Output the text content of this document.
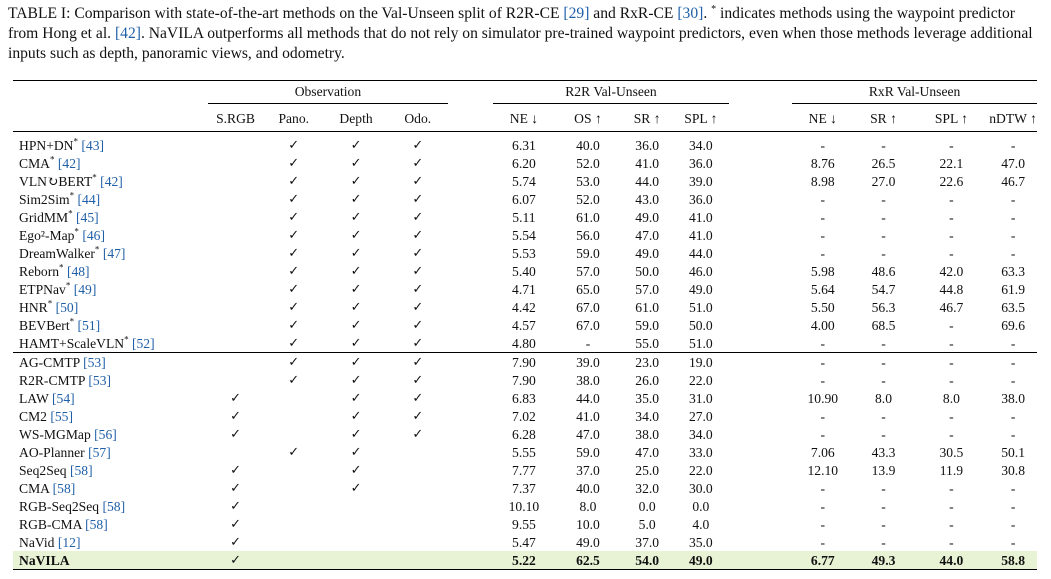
TABLE I: Comparison with state-of-the-art methods on the Val-Unseen split of R2R-CE [29] and RxR-CE [30]. * indicates methods using the waypoint predictor from Hong et al. [42]. NaVILA outperforms all methods that do not rely on simulator pre-trained waypoint predictors, even when those methods leverage additional inputs such as depth, panoramic views, and odometry.

	Observation					R2R Val-Unseen					RxR Val-Unseen			

	S.RGB	Pano.	Depth	Odo.		NE ↓	OS ↑	SR ↑	SPL ↑		NE ↓	SR ↑	SPL ↑	nDTW ↑
HPN+DN* [43]		✓	✓	✓		6.31	40.0	36.0	34.0		-	-	-	-
CMA* [42]		✓	✓	✓		6.20	52.0	41.0	36.0		8.76	26.5	22.1	47.0
VLN↻BERT* [42]		✓	✓	✓		5.74	53.0	44.0	39.0		8.98	27.0	22.6	46.7
Sim2Sim* [44]		✓	✓	✓		6.07	52.0	43.0	36.0		-	-	-	-
GridMM* [45]		✓	✓	✓		5.11	61.0	49.0	41.0		-	-	-	-
Ego²-Map* [46]		✓	✓	✓		5.54	56.0	47.0	41.0		-	-	-	-
DreamWalker* [47]		✓	✓	✓		5.53	59.0	49.0	44.0		-	-	-	-
Reborn* [48]		✓	✓	✓		5.40	57.0	50.0	46.0		5.98	48.6	42.0	63.3
ETPNav* [49]		✓	✓	✓		4.71	65.0	57.0	49.0		5.64	54.7	44.8	61.9
HNR* [50]		✓	✓	✓		4.42	67.0	61.0	51.0		5.50	56.3	46.7	63.5
BEVBert* [51]		✓	✓	✓		4.57	67.0	59.0	50.0		4.00	68.5	-	69.6
HAMT+ScaleVLN* [52]		✓	✓	✓		4.80	-	55.0	51.0		-	-	-	-
AG-CMTP [53]		✓	✓	✓		7.90	39.0	23.0	19.0		-	-	-	-
R2R-CMTP [53]		✓	✓	✓		7.90	38.0	26.0	22.0		-	-	-	-
LAW [54]	✓		✓	✓		6.83	44.0	35.0	31.0		10.90	8.0	8.0	38.0
CM2 [55]	✓		✓	✓		7.02	41.0	34.0	27.0		-	-	-	-
WS-MGMap [56]	✓		✓	✓		6.28	47.0	38.0	34.0		-	-	-	-
AO-Planner [57]		✓	✓			5.55	59.0	47.0	33.0		7.06	43.3	30.5	50.1
Seq2Seq [58]	✓		✓			7.77	37.0	25.0	22.0		12.10	13.9	11.9	30.8
CMA [58]	✓		✓			7.37	40.0	32.0	30.0		-	-	-	-
RGB-Seq2Seq [58]	✓					10.10	8.0	0.0	0.0		-	-	-	-
RGB-CMA [58]	✓					9.55	10.0	5.0	4.0		-	-	-	-
NaVid [12]	✓					5.47	49.0	37.0	35.0		-	-	-	-
NaVILA	✓					5.22	62.5	54.0	49.0		6.77	49.3	44.0	58.8
